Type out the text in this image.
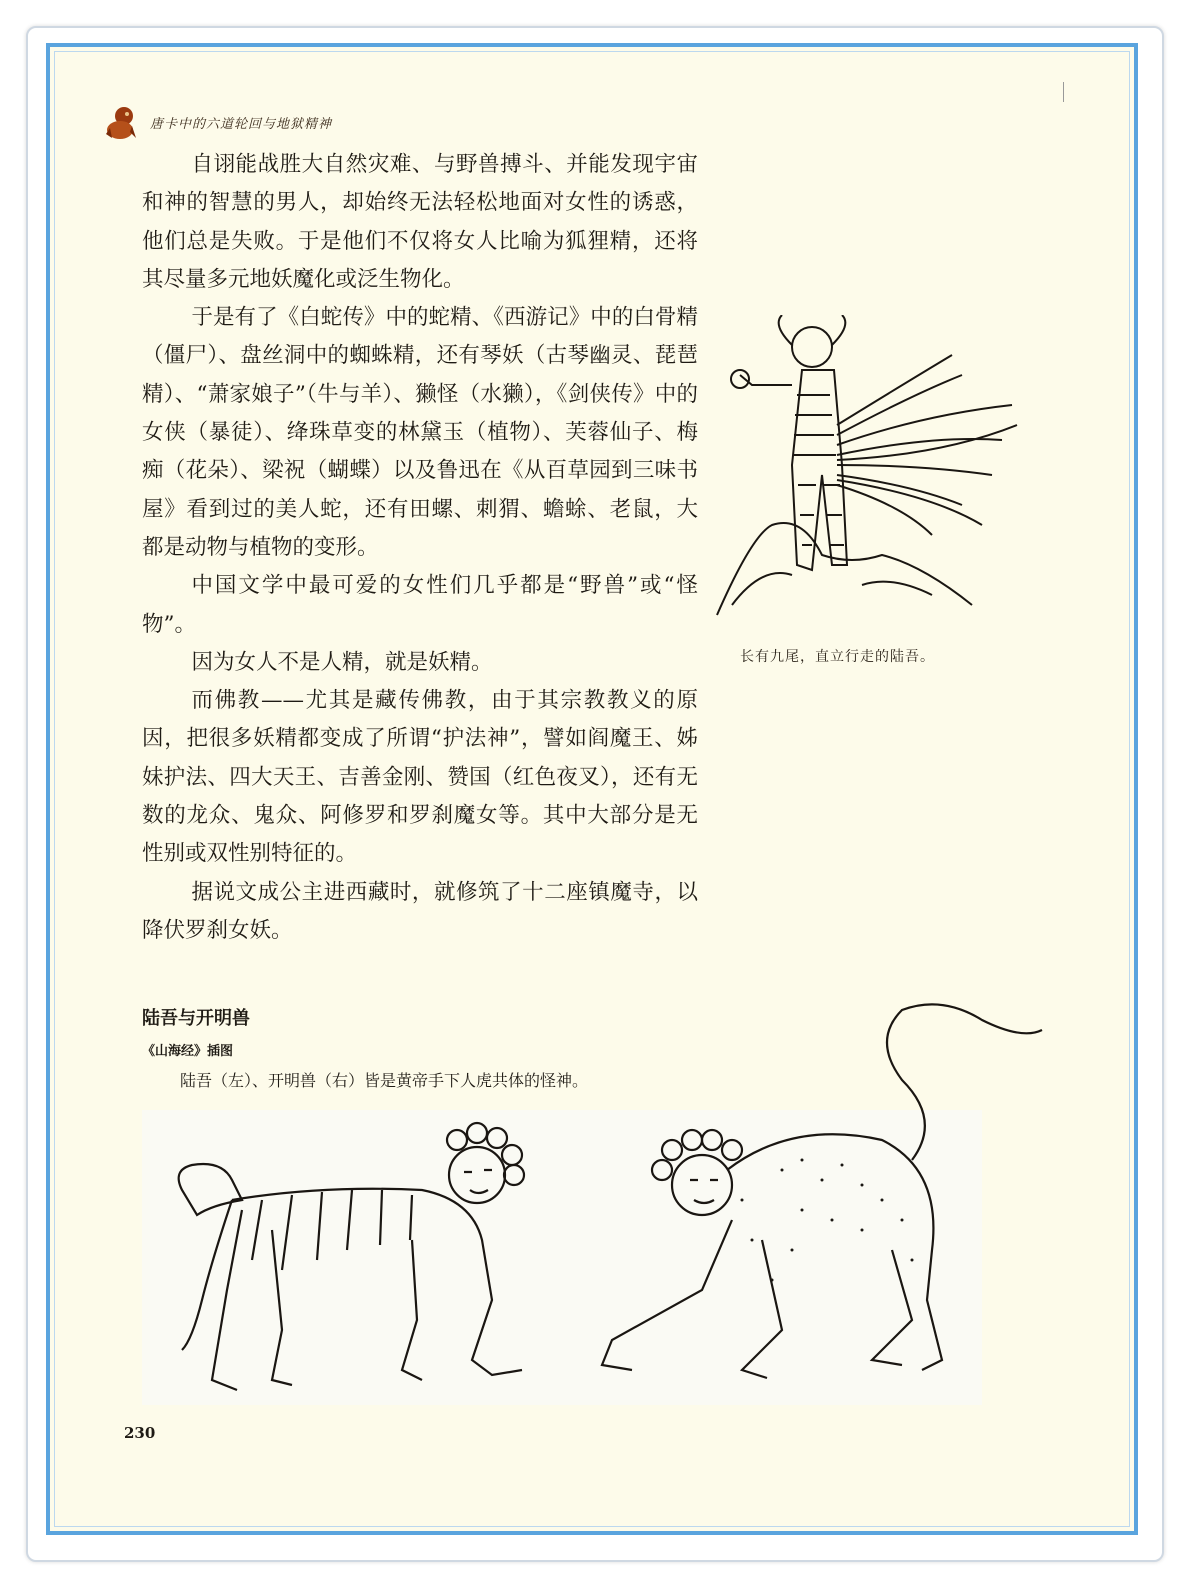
唐卡中的六道轮回与地狱精神

自诩能战胜大自然灾难、与野兽搏斗、并能发现宇宙和神的智慧的男人，却始终无法轻松地面对女性的诱惑，他们总是失败。于是他们不仅将女人比喻为狐狸精，还将其尽量多元地妖魔化或泛生物化。

于是有了《白蛇传》中的蛇精、《西游记》中的白骨精（僵尸）、盘丝洞中的蜘蛛精，还有琴妖（古琴幽灵、琵琶精）、“萧家娘子”（牛与羊）、獭怪（水獭），《剑侠传》中的女侠（暴徒）、绛珠草变的林黛玉（植物）、芙蓉仙子、梅痴（花朵）、梁祝（蝴蝶）以及鲁迅在《从百草园到三味书屋》看到过的美人蛇，还有田螺、刺猬、蟾蜍、老鼠，大都是动物与植物的变形。

中国文学中最可爱的女性们几乎都是“野兽”或“怪物”。

因为女人不是人精，就是妖精。

而佛教——尤其是藏传佛教，由于其宗教教义的原因，把很多妖精都变成了所谓“护法神”，譬如阎魔王、姊妹护法、四大天王、吉善金刚、赞国（红色夜叉），还有无数的龙众、鬼众、阿修罗和罗刹魔女等。其中大部分是无性别或双性别特征的。

据说文成公主进西藏时，就修筑了十二座镇魔寺，以降伏罗刹女妖。

长有九尾，直立行走的陆吾。
陆吾与开明兽
《山海经》插图
陆吾（左）、开明兽（右）皆是黄帝手下人虎共体的怪神。
230
